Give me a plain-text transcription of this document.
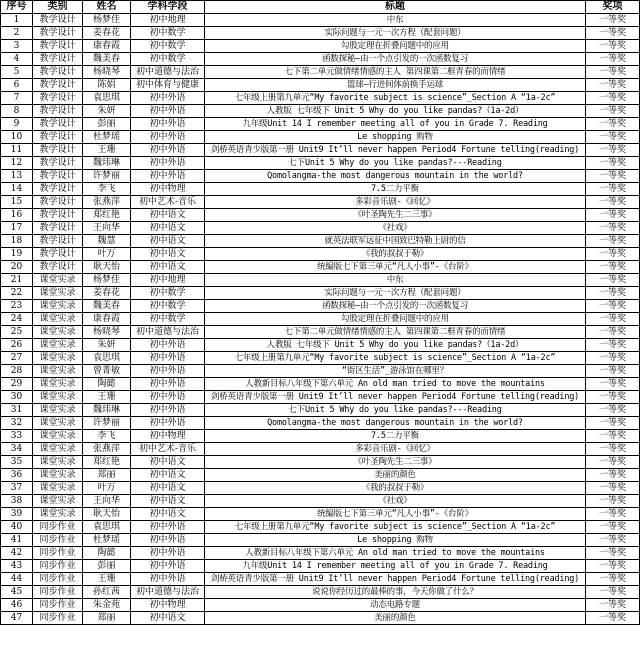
序号	类别	姓名	学科学段	标题	奖项
1	教学设计	杨梦佳	初中地理	中东	一等奖
2	教学设计	姜春花	初中数学	实际问题与一元一次方程（配套问题）	一等奖
3	教学设计	康春霞	初中数学	勾股定理在折叠问题中的应用	一等奖
4	教学设计	魏美春	初中数学	函数探秘—由一个点引发的一次函数复习	一等奖
5	教学设计	杨晓琴	初中道德与法治	七下第二单元做情绪情感的主人 第四课第二框青春的而情绪	一等奖
6	教学设计	陈娟	初中体育与健康	篮球—行进间体前换手运球	一等奖
7	教学设计	袁思琪	初中外语	七年级上册第九单元“My favorite subject is science”_Section A “1a-2c”	一等奖
8	教学设计	朱妍	初中外语	人教版 七年级下 Unit 5 Why do you like pandas?（1a-2d）	一等奖
9	教学设计	彭丽	初中外语	九年级Unit 14 I remember meeting all of you in Grade 7. Reading	一等奖
10	教学设计	杜梦瑶	初中外语	Le shopping 购物	一等奖
11	教学设计	王珊	初中外语	剑桥英语青少版第一册 Unit9 It’ll never happen Period4 Fortune telling(reading)	一等奖
12	教学设计	魏玮琳	初中外语	七下Unit 5 Why do you like pandas?---Reading	一等奖
13	教学设计	许梦丽	初中外语	Qomolangma-the most dangerous mountain in the world?	一等奖
14	教学设计	李飞	初中物理	7.5二力平衡	一等奖
15	教学设计	张燕萍	初中艺术-音乐	多彩音乐剧-《回忆》	一等奖
16	教学设计	郑红艳	初中语文	《叶圣陶先生二三事》	一等奖
17	教学设计	王向华	初中语文	《社戏》	一等奖
18	教学设计	魏慧	初中语文	就英法联军远征中国致巴特勒上尉的信	一等奖
19	教学设计	叶万	初中语文	《我的叔叔于勒》	一等奖
20	教学设计	耿天怡	初中语文	统编版七下第三单元“凡人小事”-《台阶》	一等奖
21	课堂实录	杨梦佳	初中地理	中东	一等奖
22	课堂实录	姜春花	初中数学	实际问题与一元一次方程（配套问题）	一等奖
23	课堂实录	魏美春	初中数学	函数探秘—由一个点引发的一次函数复习	一等奖
24	课堂实录	康春霞	初中数学	勾股定理在折叠问题中的应用	一等奖
25	课堂实录	杨晓琴	初中道德与法治	七下第二单元做情绪情感的主人 第四课第二框青春的而情绪	一等奖
26	课堂实录	朱妍	初中外语	人教版 七年级下 Unit 5 Why do you like pandas?（1a-2d）	一等奖
27	课堂实录	袁思琪	初中外语	七年级上册第九单元“My favorite subject is science”_Section A “1a-2c”	一等奖
28	课堂实录	曾菁敏	初中外语	“街区生活”_游泳馆在哪里？	一等奖
29	课堂实录	陶懿	初中外语	人教新目标八年级下第六单元 An old man tried to move the mountains	一等奖
30	课堂实录	王珊	初中外语	剑桥英语青少版第一册 Unit9 It’ll never happen Period4 Fortune telling(reading)	一等奖
31	课堂实录	魏玮琳	初中外语	七下Unit 5 Why do you like pandas?---Reading	一等奖
32	课堂实录	许梦丽	初中外语	Qomolangma-the most dangerous mountain in the world?	一等奖
33	课堂实录	李飞	初中物理	7.5二力平衡	一等奖
34	课堂实录	张燕萍	初中艺术-音乐	多彩音乐剧-《回忆》	一等奖
35	课堂实录	郑红艳	初中语文	《叶圣陶先生二三事》	一等奖
36	课堂实录	郑丽	初中语文	美丽的颜色	一等奖
37	课堂实录	叶万	初中语文	《我的叔叔于勒》	一等奖
38	课堂实录	王向华	初中语文	《社戏》	一等奖
39	课堂实录	耿天怡	初中语文	统编版七下第三单元“凡人小事”-《台阶》	一等奖
40	同步作业	袁思琪	初中外语	七年级上册第九单元“My favorite subject is science”_Section A “1a-2c”	一等奖
41	同步作业	杜梦瑶	初中外语	Le shopping 购物	一等奖
42	同步作业	陶懿	初中外语	人教新目标八年级下第六单元 An old man tried to move the mountains	一等奖
43	同步作业	彭丽	初中外语	九年级Unit 14 I remember meeting all of you in Grade 7. Reading	一等奖
44	同步作业	王珊	初中外语	剑桥英语青少版第一册 Unit9 It’ll never happen Period4 Fortune telling(reading)	一等奖
45	同步作业	孙红茜	初中道德与法治	说说你经历过的最棒的事，今天你做了什么？	一等奖
46	同步作业	朱金苑	初中物理	动态电路专题	一等奖
47	同步作业	郑丽	初中语文	美丽的颜色	一等奖
